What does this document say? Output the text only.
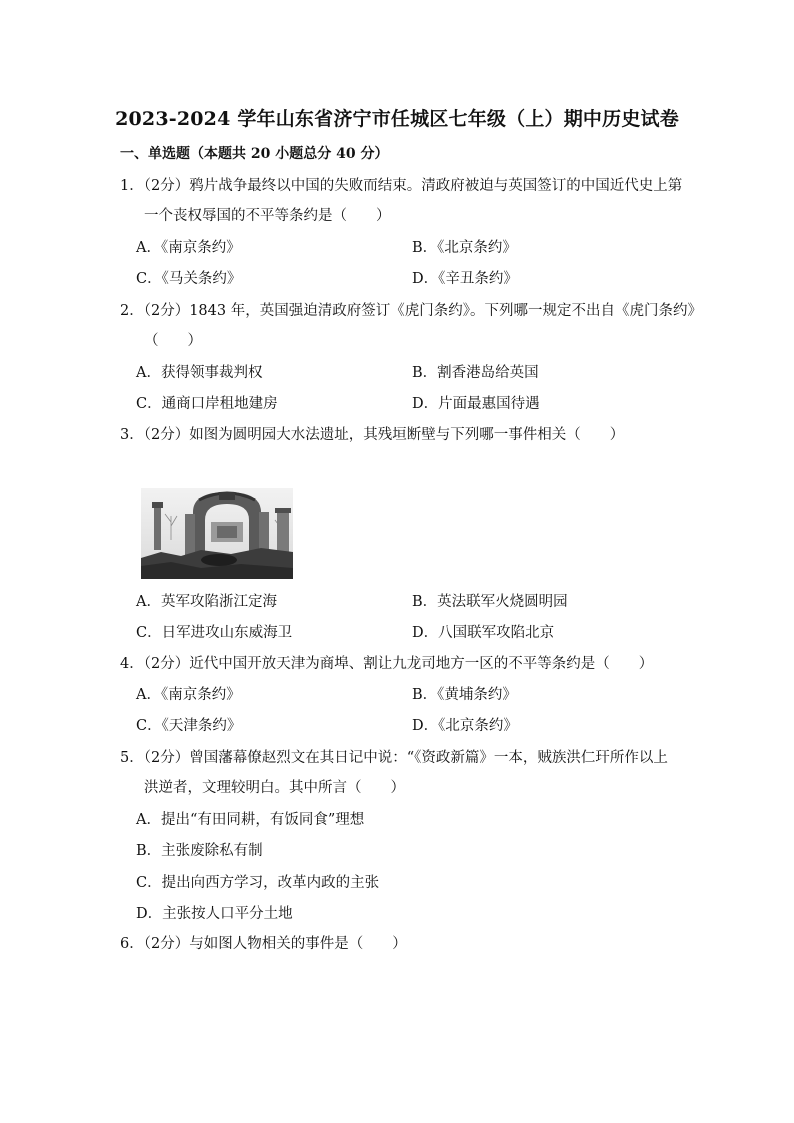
2023-2024 学年山东省济宁市任城区七年级（上）期中历史试卷
一、单选题（本题共 20 小题总分 40 分）
1．（2分）鸦片战争最终以中国的失败而结束。清政府被迫与英国签订的中国近代史上第
一个丧权辱国的不平等条约是（　　）
A．《南京条约》	B．《北京条约》
C．《马关条约》	D．《辛丑条约》
2．（2分）1843 年，英国强迫清政府签订《虎门条约》。下列哪一规定不出自《虎门条约》
（　　）
A．获得领事裁判权	B．割香港岛给英国
C．通商口岸租地建房	D．片面最惠国待遇
3．（2分）如图为圆明园大水法遗址，其残垣断壁与下列哪一事件相关（　　）
A．英军攻陷浙江定海	B．英法联军火烧圆明园
C．日军进攻山东威海卫	D．八国联军攻陷北京
4．（2分）近代中国开放天津为商埠、割让九龙司地方一区的不平等条约是（　　）
A．《南京条约》	B．《黄埔条约》
C．《天津条约》	D．《北京条约》
5．（2分）曾国藩幕僚赵烈文在其日记中说：“《资政新篇》一本，贼族洪仁玕所作以上
洪逆者，文理较明白。其中所言（　　）
A．提出“有田同耕，有饭同食”理想
B．主张废除私有制
C．提出向西方学习，改革内政的主张
D．主张按人口平分土地
6．（2分）与如图人物相关的事件是（　　）
